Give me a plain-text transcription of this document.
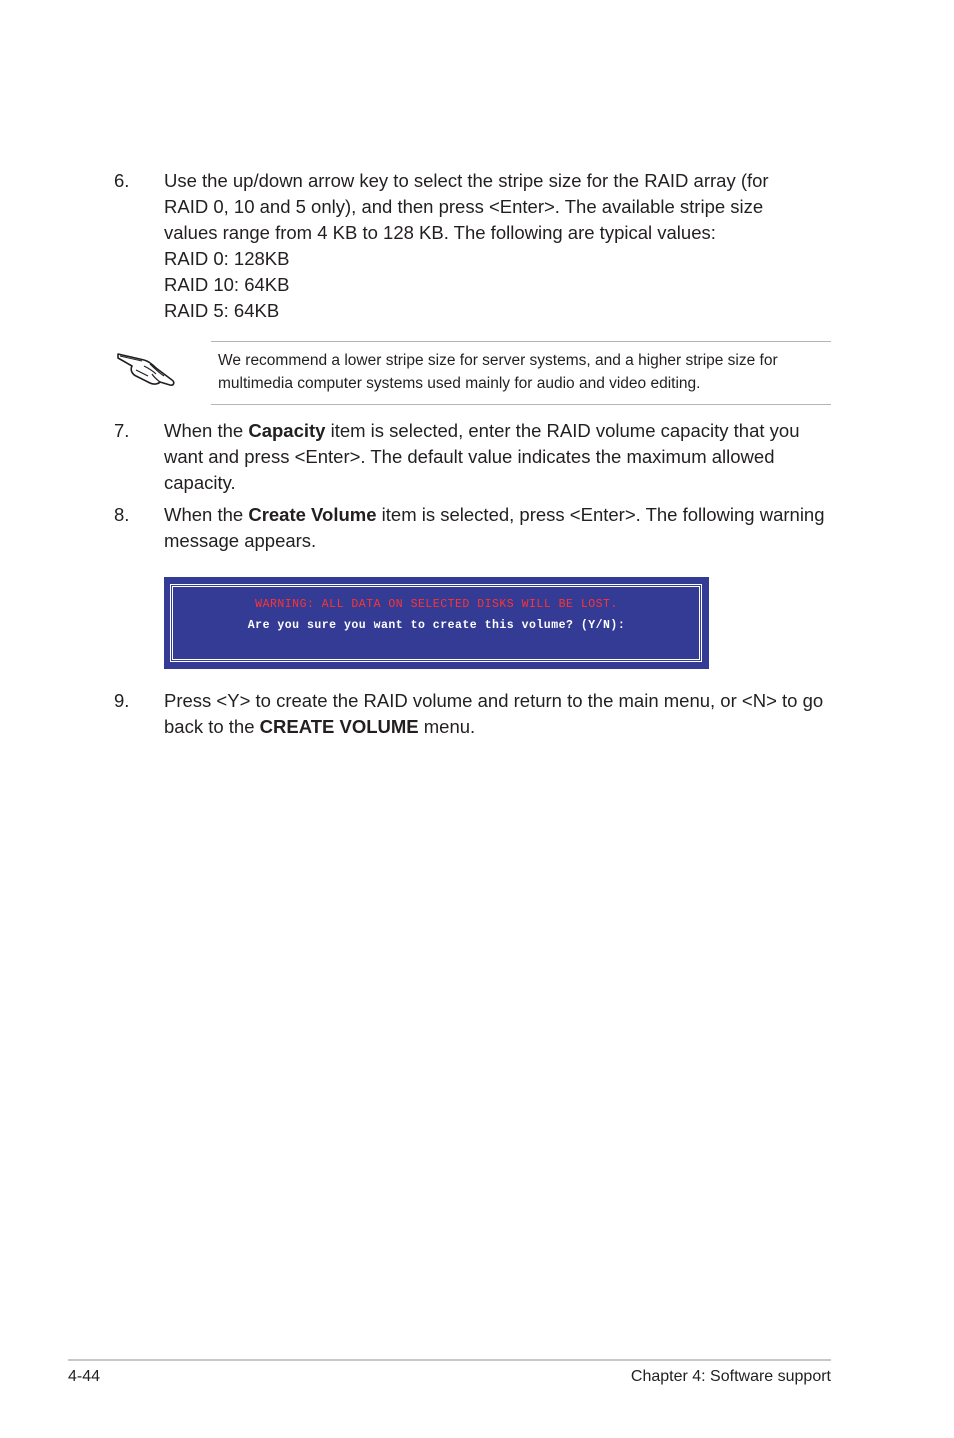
6. Use the up/down arrow key to select the stripe size for the RAID array (for
RAID 0, 10 and 5 only), and then press <Enter>. The available stripe size
values range from 4 KB to 128 KB. The following are typical values:
RAID 0: 128KB
RAID 10: 64KB
RAID 5: 64KB
We recommend a lower stripe size for server systems, and a higher stripe size for multimedia computer systems used mainly for audio and video editing.
7. When the Capacity item is selected, enter the RAID volume capacity that you want and press <Enter>. The default value indicates the maximum allowed capacity.
8. When the Create Volume item is selected, press <Enter>. The following warning message appears.
WARNING: ALL DATA ON SELECTED DISKS WILL BE LOST.
Are you sure you want to create this volume? (Y/N):
9. Press <Y> to create the RAID volume and return to the main menu, or <N> to go back to the CREATE VOLUME menu.
4-44	Chapter 4: Software support
